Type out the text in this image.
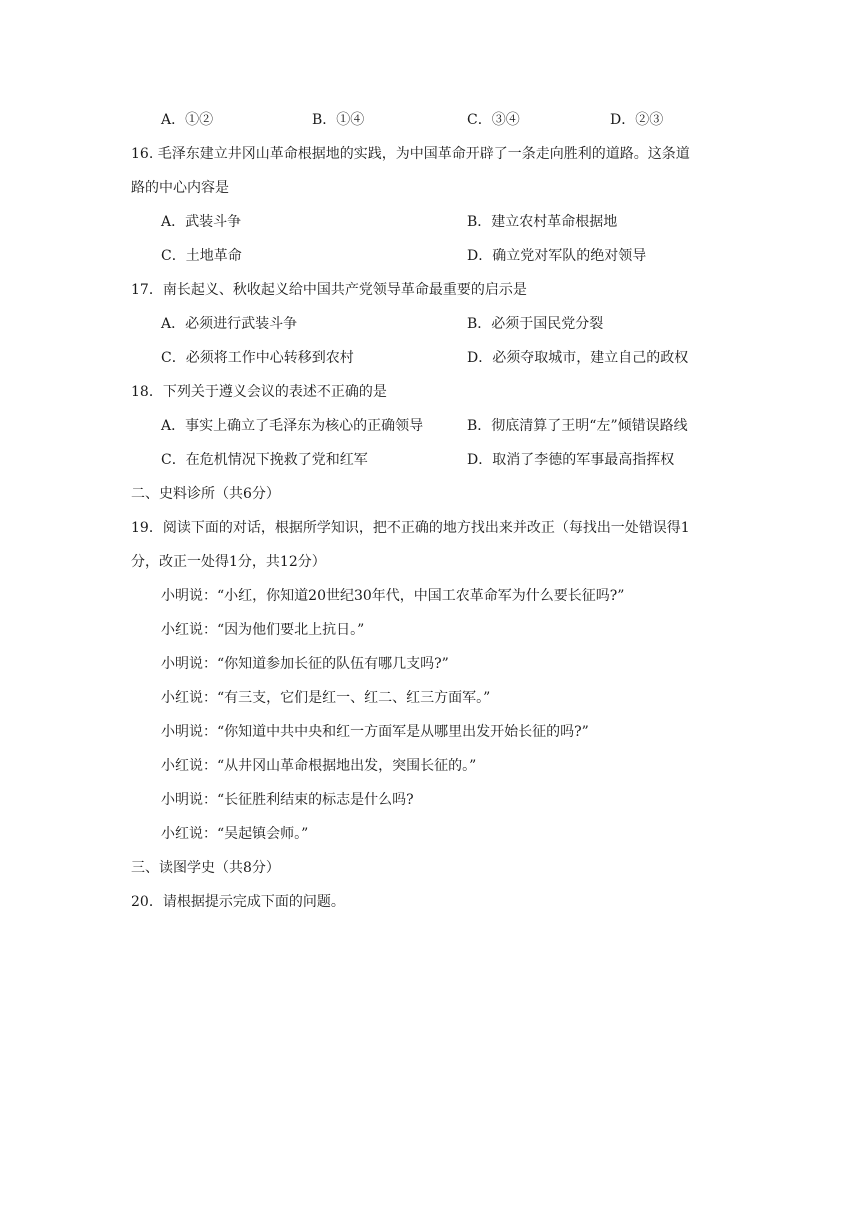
A．①②	B．①④	C．③④	D．②③
16. 毛泽东建立井冈山革命根据地的实践，为中国革命开辟了一条走向胜利的道路。这条道
路的中心内容是
A．武装斗争	B．建立农村革命根据地
C．土地革命	D．确立党对军队的绝对领导
17．南长起义、秋收起义给中国共产党领导革命最重要的启示是
A．必须进行武装斗争	B．必须于国民党分裂
C．必须将工作中心转移到农村	D．必须夺取城市，建立自己的政权
18．下列关于遵义会议的表述不正确的是
A．事实上确立了毛泽东为核心的正确领导	B．彻底清算了王明“左”倾错误路线
C．在危机情况下挽救了党和红军	D．取消了李德的军事最高指挥权
二、史料诊所（共6分）
19．阅读下面的对话，根据所学知识，把不正确的地方找出来并改正（每找出一处错误得1
分，改正一处得1分，共12分）
小明说：“小红，你知道20世纪30年代，中国工农革命军为什么要长征吗?”
小红说：“因为他们要北上抗日。”
小明说：“你知道参加长征的队伍有哪几支吗?”
小红说：“有三支，它们是红一、红二、红三方面军。”
小明说：“你知道中共中央和红一方面军是从哪里出发开始长征的吗?”
小红说：“从井冈山革命根据地出发，突围长征的。”
小明说：“长征胜利结束的标志是什么吗?
小红说：“吴起镇会师。”
三、读图学史（共8分）
20．请根据提示完成下面的问题。
